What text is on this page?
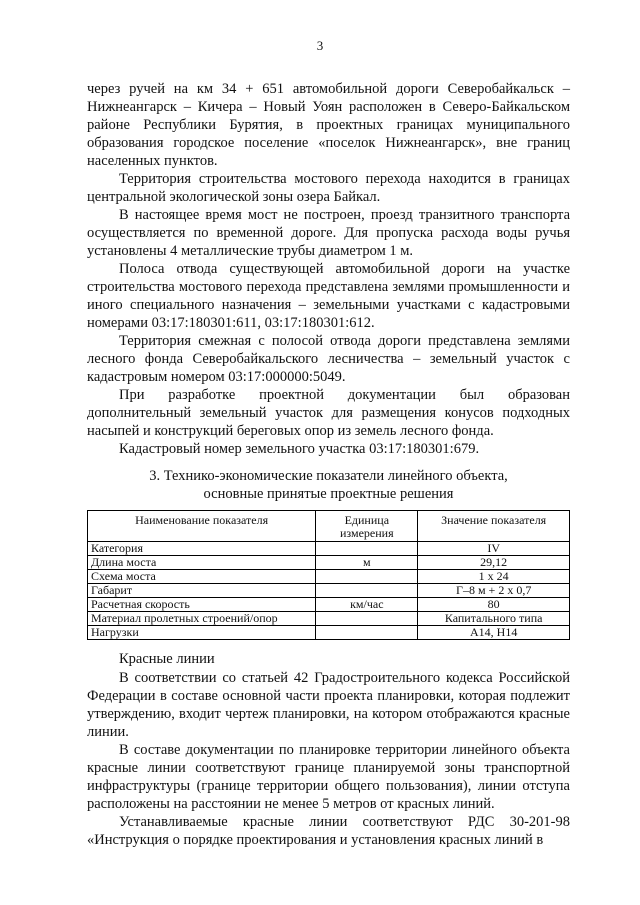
3
через ручей на км 34 + 651 автомобильной дороги Северобайкальск – Нижнеангарск – Кичера – Новый Уоян расположен в Северо-Байкальском районе Республики Бурятия, в проектных границах муниципального образования городское поселение «поселок Нижнеангарск», вне границ населенных пунктов.
Территория строительства мостового перехода находится в границах центральной экологической зоны озера Байкал.
В настоящее время мост не построен, проезд транзитного транспорта осуществляется по временной дороге. Для пропуска расхода воды ручья установлены 4 металлические трубы диаметром 1 м.
Полоса отвода существующей автомобильной дороги на участке строительства мостового перехода представлена землями промышленности и иного специального назначения – земельными участками с кадастровыми номерами 03:17:180301:611, 03:17:180301:612.
Территория смежная с полосой отвода дороги представлена землями лесного фонда Северобайкальского лесничества – земельный участок с кадастровым номером 03:17:000000:5049.
При разработке проектной документации был образован дополнительный земельный участок для размещения конусов подходных насыпей и конструкций береговых опор из земель лесного фонда.
Кадастровый номер земельного участка 03:17:180301:679.
3. Технико-экономические показатели линейного объекта,
основные принятые проектные решения
Наименование показателя	Единица измерения	Значение показателя
Категория		IV
Длина моста	м	29,12
Схема моста		1 х 24
Габарит		Г–8 м + 2 х 0,7
Расчетная скорость	км/час	80
Материал пролетных строений/опор		Капитального типа
Нагрузки		А14, Н14
Красные линии
В соответствии со статьей 42 Градостроительного кодекса Российской Федерации в составе основной части проекта планировки, которая подлежит утверждению, входит чертеж планировки, на котором отображаются красные линии.
В составе документации по планировке территории линейного объекта красные линии соответствуют границе планируемой зоны транспортной инфраструктуры (границе территории общего пользования), линии отступа расположены на расстоянии не менее 5 метров от красных линий.
Устанавливаемые красные линии соответствуют РДС 30-201-98 «Инструкция о порядке проектирования и установления красных линий в
